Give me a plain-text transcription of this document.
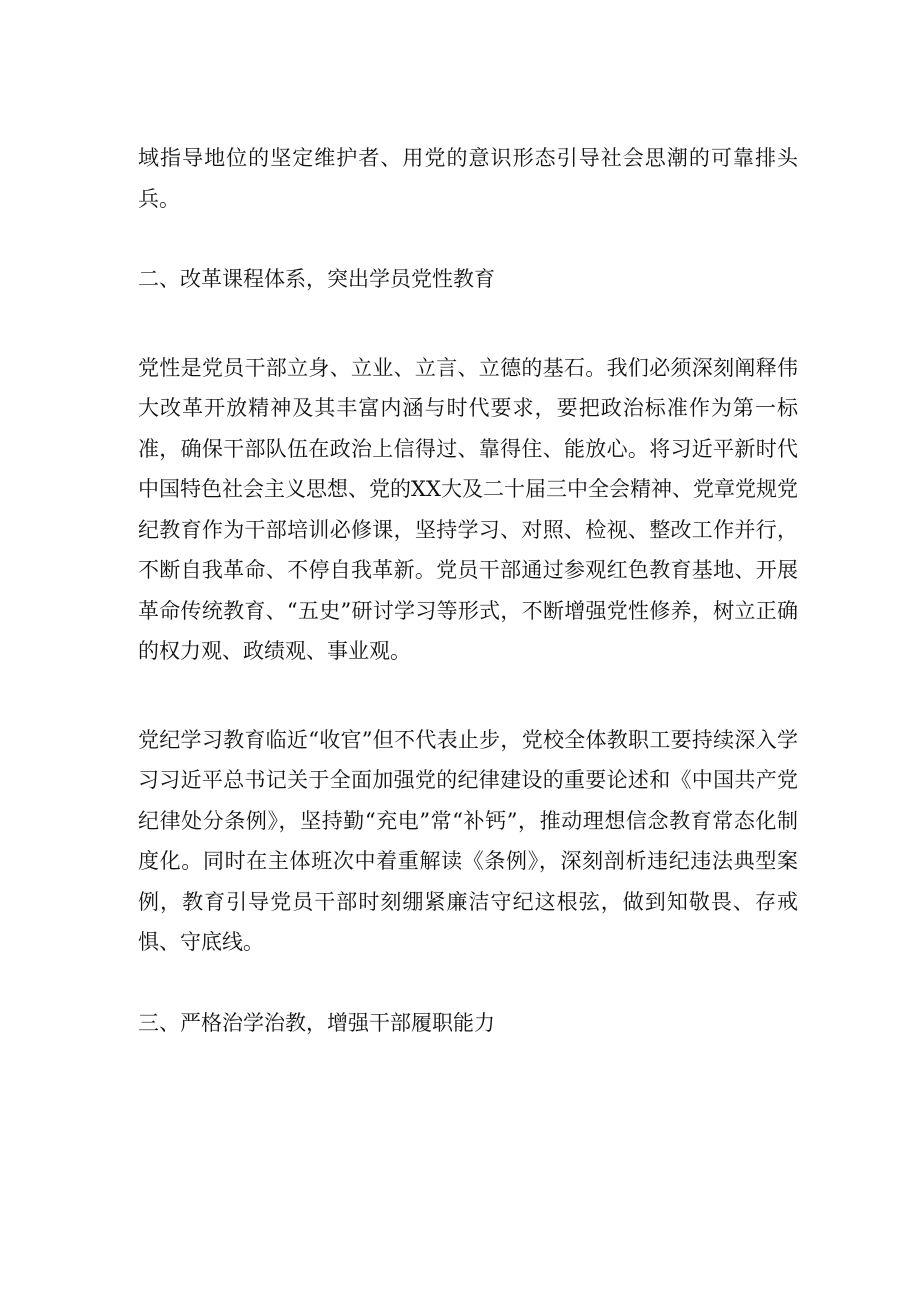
域指导地位的坚定维护者、用党的意识形态引导社会思潮的可靠排头兵。

二、改革课程体系，突出学员党性教育

党性是党员干部立身、立业、立言、立德的基石。我们必须深刻阐释伟大改革开放精神及其丰富内涵与时代要求，要把政治标准作为第一标准，确保干部队伍在政治上信得过、靠得住、能放心。将习近平新时代中国特色社会主义思想、党的XX大及二十届三中全会精神、党章党规党纪教育作为干部培训必修课，坚持学习、对照、检视、整改工作并行，不断自我革命、不停自我革新。党员干部通过参观红色教育基地、开展革命传统教育、“五史”研讨学习等形式，不断增强党性修养，树立正确的权力观、政绩观、事业观。

党纪学习教育临近“收官”但不代表止步，党校全体教职工要持续深入学习习近平总书记关于全面加强党的纪律建设的重要论述和《中国共产党纪律处分条例》，坚持勤“充电”常“补钙”，推动理想信念教育常态化制度化。同时在主体班次中着重解读《条例》，深刻剖析违纪违法典型案例，教育引导党员干部时刻绷紧廉洁守纪这根弦，做到知敬畏、存戒惧、守底线。

三、严格治学治教，增强干部履职能力
